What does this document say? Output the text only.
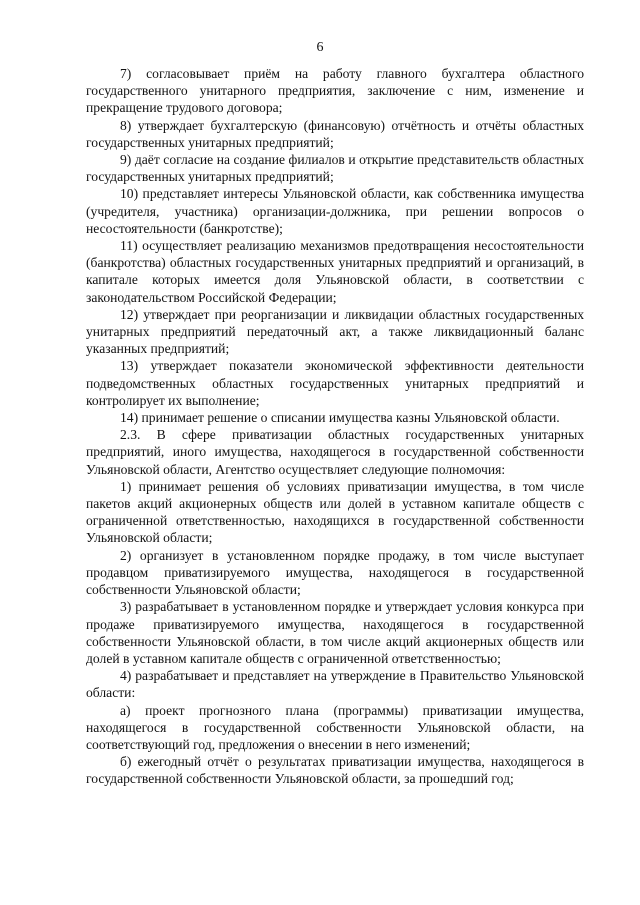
6

7) согласовывает приём на работу главного бухгалтера областного государственного унитарного предприятия, заключение с ним, изменение и прекращение трудового договора;

8) утверждает бухгалтерскую (финансовую) отчётность и отчёты областных государственных унитарных предприятий;

9) даёт согласие на создание филиалов и открытие представительств областных государственных унитарных предприятий;

10) представляет интересы Ульяновской области, как собственника имущества (учредителя, участника) организации-должника, при решении вопросов о несостоятельности (банкротстве);

11) осуществляет реализацию механизмов предотвращения несостоятельности (банкротства) областных государственных унитарных предприятий и организаций, в капитале которых имеется доля Ульяновской области, в соответствии с законодательством Российской Федерации;

12) утверждает при реорганизации и ликвидации областных государственных унитарных предприятий передаточный акт, а также ликвидационный баланс указанных предприятий;

13) утверждает показатели экономической эффективности деятельности подведомственных областных государственных унитарных предприятий и контролирует их выполнение;

14) принимает решение о списании имущества казны Ульяновской области.

2.3. В сфере приватизации областных государственных унитарных предприятий, иного имущества, находящегося в государственной собственности Ульяновской области, Агентство осуществляет следующие полномочия:

1) принимает решения об условиях приватизации имущества, в том числе пакетов акций акционерных обществ или долей в уставном капитале обществ с ограниченной ответственностью, находящихся в государственной собственности Ульяновской области;

2) организует в установленном порядке продажу, в том числе выступает продавцом приватизируемого имущества, находящегося в государственной собственности Ульяновской области;

3) разрабатывает в установленном порядке и утверждает условия конкурса при продаже приватизируемого имущества, находящегося в государственной собственности Ульяновской области, в том числе акций акционерных обществ или долей в уставном капитале обществ с ограниченной ответственностью;

4) разрабатывает и представляет на утверждение в Правительство Ульяновской области:

а) проект прогнозного плана (программы) приватизации имущества, находящегося в государственной собственности Ульяновской области, на соответствующий год, предложения о внесении в него изменений;

б) ежегодный отчёт о результатах приватизации имущества, находящегося в государственной собственности Ульяновской области, за прошедший год;
